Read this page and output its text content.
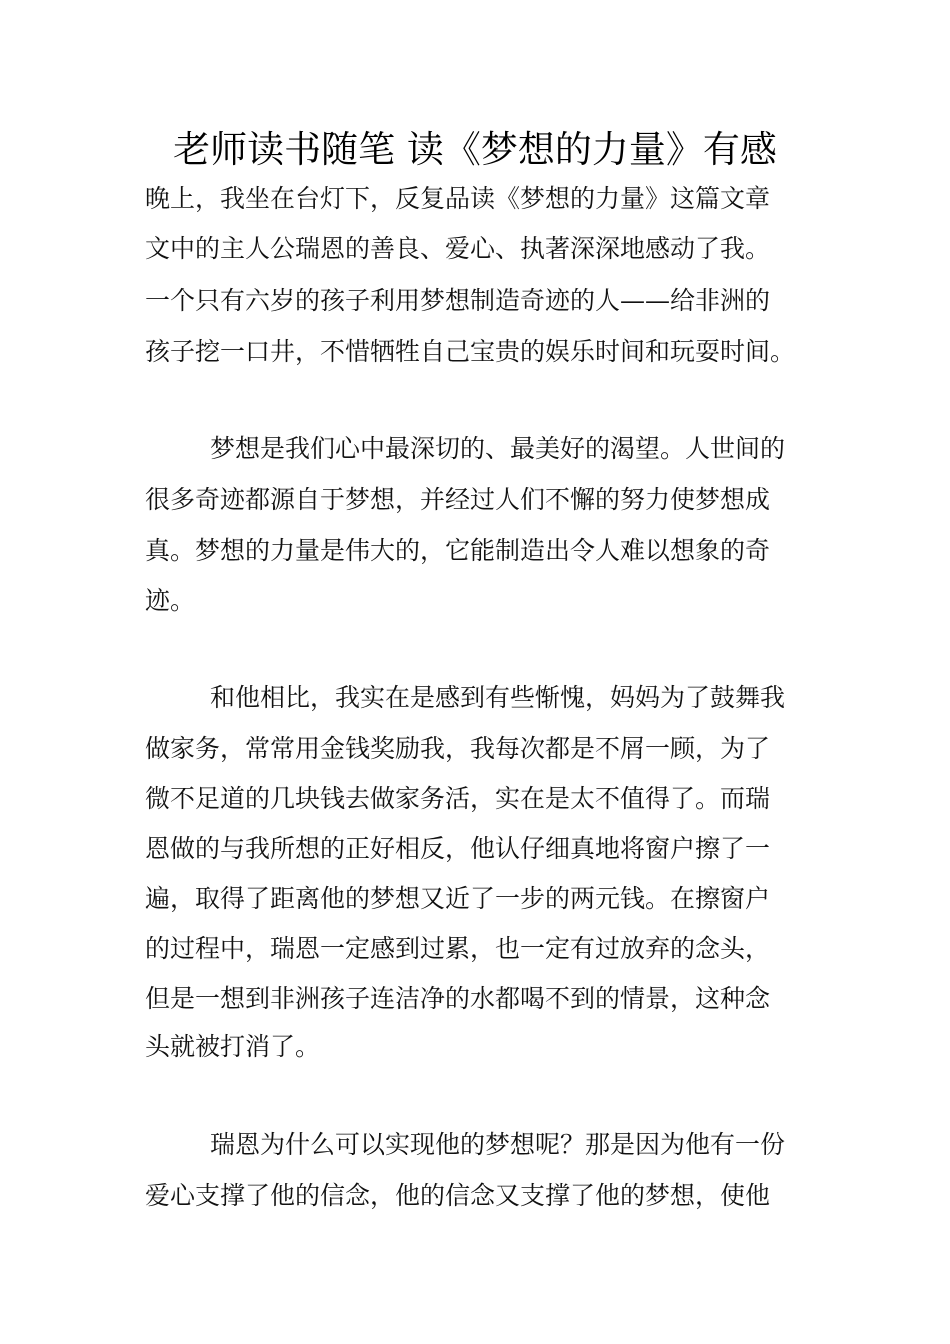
老师读书随笔 读《梦想的力量》有感
晚上，我坐在台灯下，反复品读《梦想的力量》这篇文章
文中的主人公瑞恩的善良、爱心、执著深深地感动了我。
一个只有六岁的孩子利用梦想制造奇迹的人——给非洲的
孩子挖一口井，不惜牺牲自己宝贵的娱乐时间和玩耍时间。
梦想是我们心中最深切的、最美好的渴望。人世间的
很多奇迹都源自于梦想，并经过人们不懈的努力使梦想成
真。梦想的力量是伟大的，它能制造出令人难以想象的奇
迹。
和他相比，我实在是感到有些惭愧，妈妈为了鼓舞我
做家务，常常用金钱奖励我，我每次都是不屑一顾，为了
微不足道的几块钱去做家务活，实在是太不值得了。而瑞
恩做的与我所想的正好相反，他认仔细真地将窗户擦了一
遍，取得了距离他的梦想又近了一步的两元钱。在擦窗户
的过程中，瑞恩一定感到过累，也一定有过放弃的念头，
但是一想到非洲孩子连洁净的水都喝不到的情景，这种念
头就被打消了。
瑞恩为什么可以实现他的梦想呢？那是因为他有一份
爱心支撑了他的信念，他的信念又支撑了他的梦想，使他
